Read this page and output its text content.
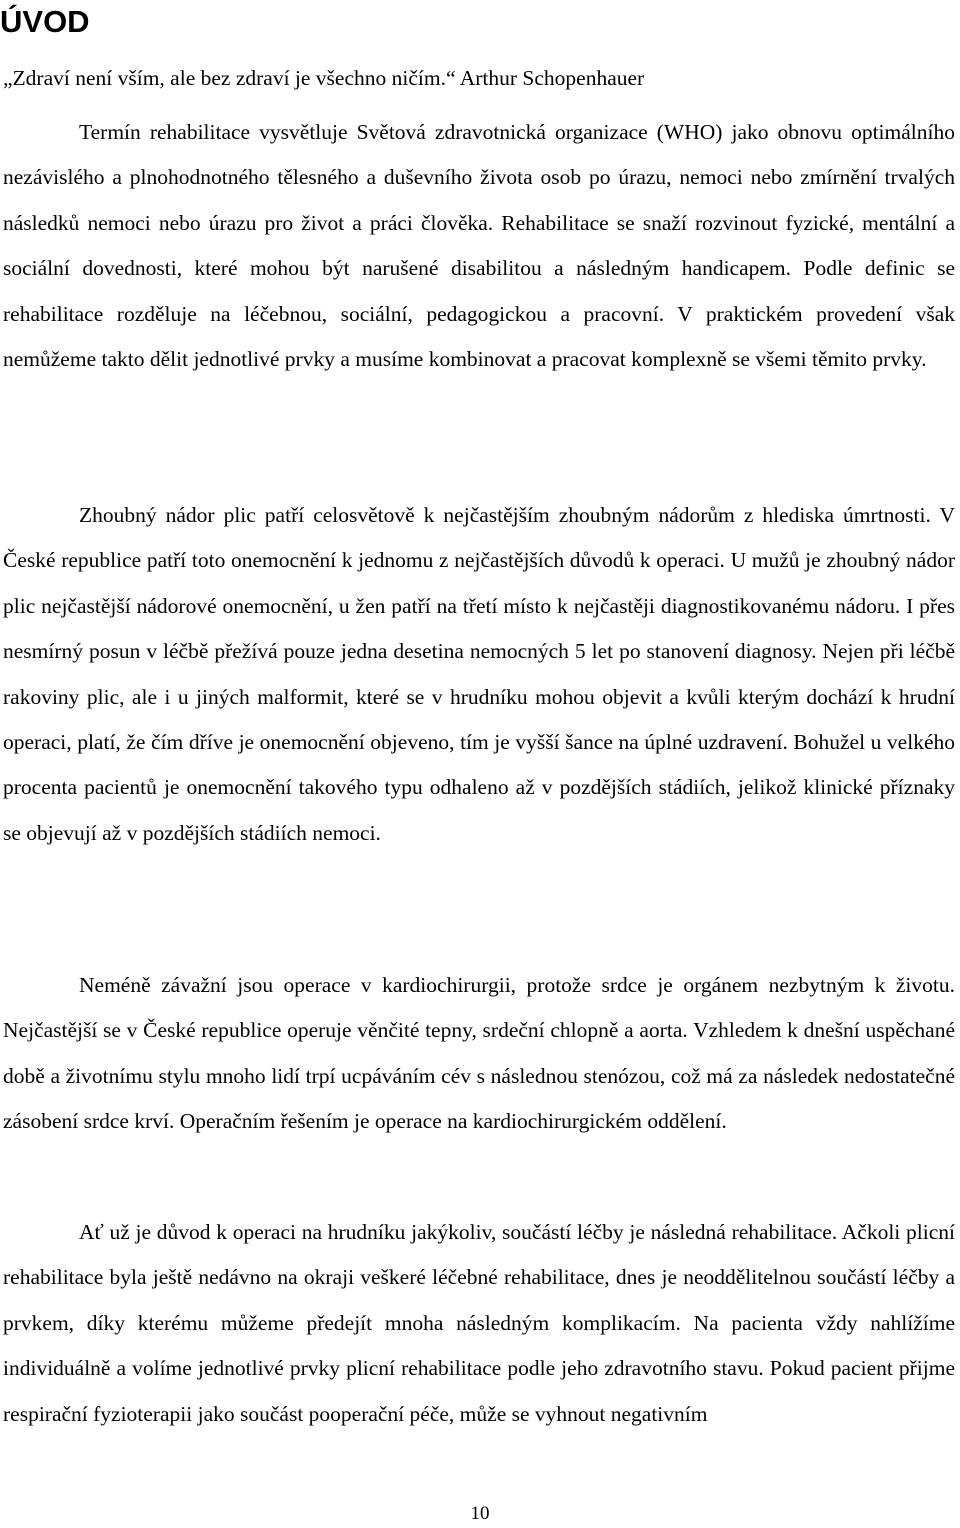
ÚVOD

„Zdraví není vším, ale bez zdraví je všechno ničím.“ Arthur Schopenhauer

Termín rehabilitace vysvětluje Světová zdravotnická organizace (WHO) jako obnovu optimálního nezávislého a plnohodnotného tělesného a duševního života osob po úrazu, nemoci nebo zmírnění trvalých následků nemoci nebo úrazu pro život a práci člověka. Rehabilitace se snaží rozvinout fyzické, mentální a sociální dovednosti, které mohou být narušené disabilitou a následným handicapem. Podle definic se rehabilitace rozděluje na léčebnou, sociální, pedagogickou a pracovní. V praktickém provedení však nemůžeme takto dělit jednotlivé prvky a musíme kombinovat a pracovat komplexně se všemi těmito prvky.

Zhoubný nádor plic patří celosvětově k nejčastějším zhoubným nádorům z hlediska úmrtnosti. V České republice patří toto onemocnění k jednomu z nejčastějších důvodů k operaci. U mužů je zhoubný nádor plic nejčastější nádorové onemocnění, u žen patří na třetí místo k nejčastěji diagnostikovanému nádoru. I přes nesmírný posun v léčbě přežívá pouze jedna desetina nemocných 5 let po stanovení diagnosy. Nejen při léčbě rakoviny plic, ale i u jiných malformit, které se v hrudníku mohou objevit a kvůli kterým dochází k hrudní operaci, platí, že čím dříve je onemocnění objeveno, tím je vyšší šance na úplné uzdravení. Bohužel u velkého procenta pacientů je onemocnění takového typu odhaleno až v pozdějších stádiích, jelikož klinické příznaky se objevují až v pozdějších stádiích nemoci.

Neméně závažní jsou operace v kardiochirurgii, protože srdce je orgánem nezbytným k životu. Nejčastější se v České republice operuje věnčité tepny, srdeční chlopně a aorta. Vzhledem k dnešní uspěchané době a životnímu stylu mnoho lidí trpí ucpáváním cév s následnou stenózou, což má za následek nedostatečné zásobení srdce krví. Operačním řešením je operace na kardiochirurgickém oddělení.

Ať už je důvod k operaci na hrudníku jakýkoliv, součástí léčby je následná rehabilitace. Ačkoli plicní rehabilitace byla ještě nedávno na okraji veškeré léčebné rehabilitace, dnes je neoddělitelnou součástí léčby a prvkem, díky kterému můžeme předejít mnoha následným komplikacím. Na pacienta vždy nahlížíme individuálně a volíme jednotlivé prvky plicní rehabilitace podle jeho zdravotního stavu. Pokud pacient přijme respirační fyzioterapii jako součást pooperační péče, může se vyhnout negativním

10
